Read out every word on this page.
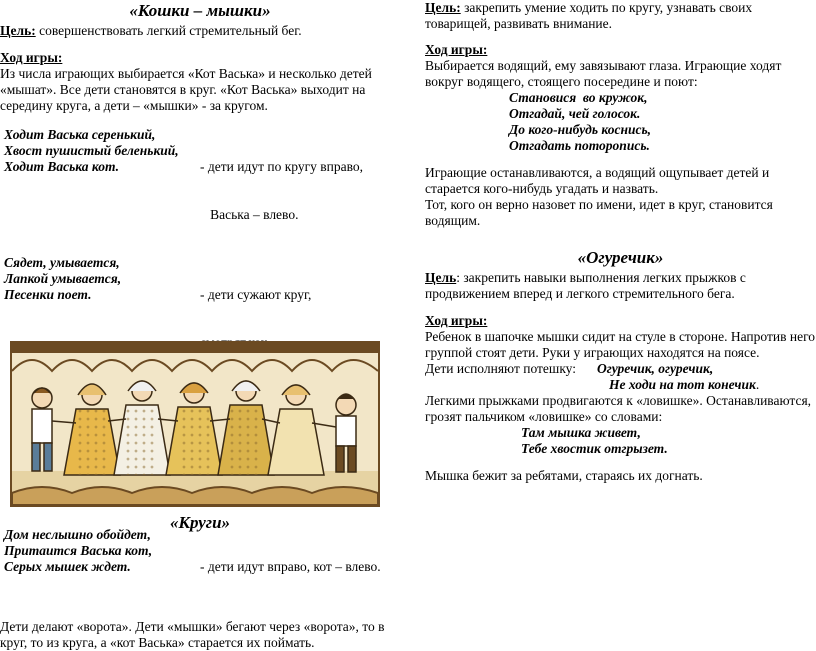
«Кошки – мышки»

Цель: совершенствовать легкий стремительный бег.

Ход игры:

Из числа играющих выбирается «Кот Васька» и несколько детей «мышат». Все дети становятся в круг. «Кот Васька» выходит на середину круга, а дети – «мышки» - за кругом.

Ходит Васька серенький,
Хвост пушистый беленький,
Ходит Васька кот.

	- дети идут по кругу вправо,

Васька – влево.

Сядет, умывается,
Лапкой умывается,
Песенки поет.

	- дети сужают круг,

Дом неслышно обойдет,
Притаится Васька кот,
Серых мышек ждет.

	- дети идут вправо, кот – влево.

Дети делают «ворота». Дети «мышки» бегают через «ворота», то в круг, то из круга, а «кот Васька» старается их поймать.

«Круги»

Цель: закрепить умение ходить по кругу, узнавать своих товарищей, развивать внимание.

Ход игры:

Выбирается водящий, ему завязывают глаза. Играющие ходят вокруг водящего, стоящего посередине и поют:

Становися  во кружок,
Отгадай, чей голосок.
До кого-нибудь коснись,
Отгадать поторопись.

Играющие останавливаются, а водящий ощупывает детей и старается кого-нибудь угадать и назвать.

Тот, кого он верно назовет по имени, идет в круг, становится водящим.

«Огуречик»

Цель: закрепить навыки выполнения легких прыжков с продвижением вперед и легкого стремительного бега.

Ход игры:

Ребенок в шапочке мышки сидит на стуле в стороне. Напротив него группой стоят дети. Руки у играющих находятся на поясе.

Дети исполняют потешку:	Огуречик, огуречик,
Не ходи на тот конечик.

Легкими прыжками продвигаются к «ловишке». Останавливаются, грозят пальчиком «ловишке» со словами:

Там мышка живет,
Тебе хвостик отгрызет.

Мышка бежит за ребятами, стараясь их догнать.
